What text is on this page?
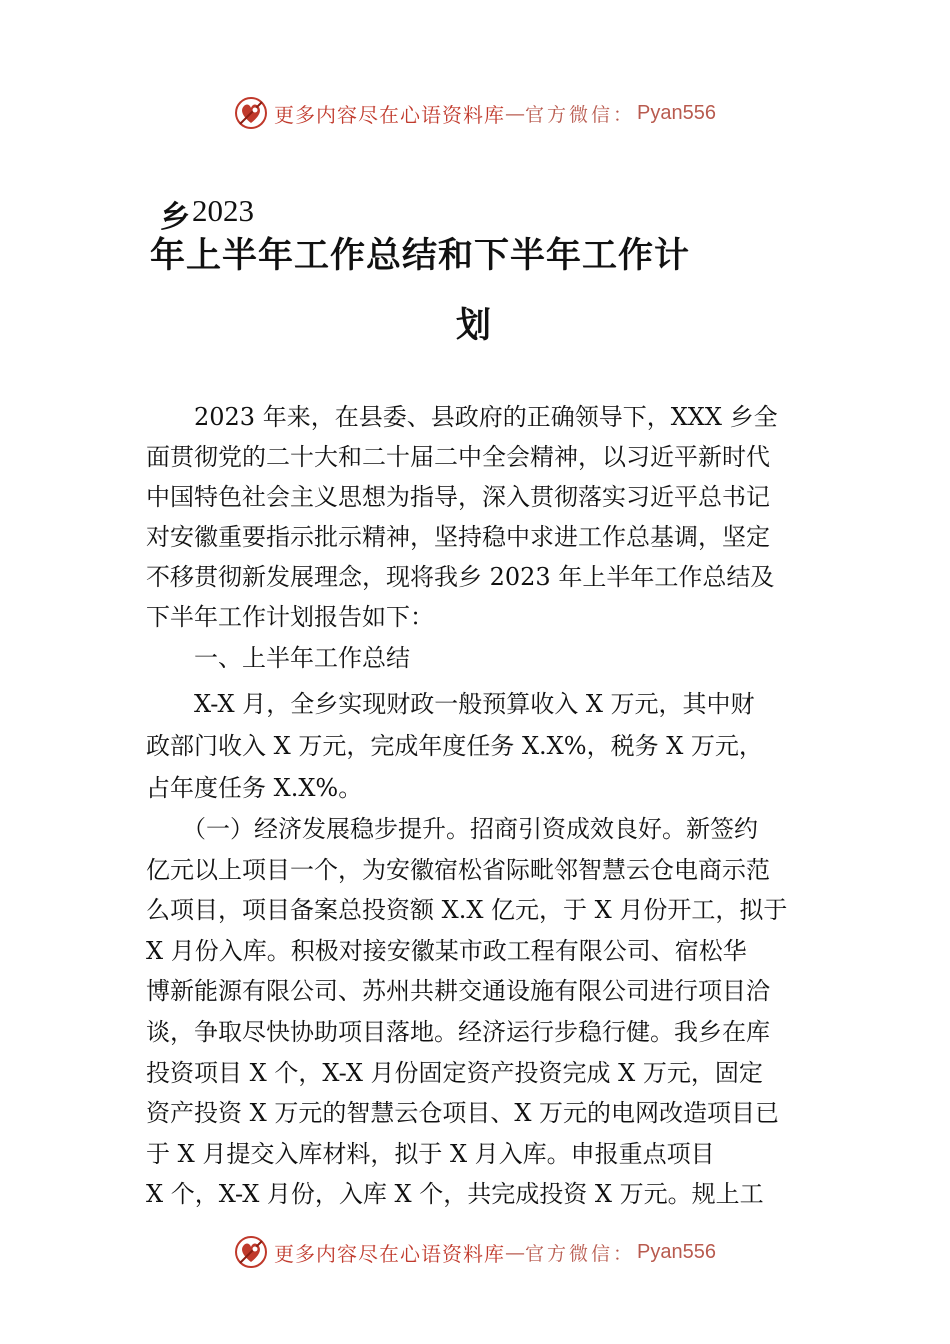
更多内容尽在心语资料库 — 官方微信： Pyan556
乡 2023
年上半年工作总结和下半年工作计
划
　　2023 年来，在县委、县政府的正确领导下，XXX 乡全
面贯彻党的二十大和二十届二中全会精神，以习近平新时代
中国特色社会主义思想为指导，深入贯彻落实习近平总书记
对安徽重要指示批示精神，坚持稳中求进工作总基调，坚定
不移贯彻新发展理念，现将我乡 2023 年上半年工作总结及
下半年工作计划报告如下：
　　一、上半年工作总结
　　X-X 月，全乡实现财政一般预算收入 X 万元，其中财
政部门收入 X 万元，完成年度任务 X.X%，税务 X 万元，
占年度任务 X.X%。
　　（一）经济发展稳步提升。招商引资成效良好。新签约
亿元以上项目一个，为安徽宿松省际毗邻智慧云仓电商示范
么项目，项目备案总投资额 X.X 亿元，于 X 月份开工，拟于
X 月份入库。积极对接安徽某市政工程有限公司、宿松华
博新能源有限公司、苏州共耕交通设施有限公司进行项目洽
谈，争取尽快协助项目落地。经济运行步稳行健。我乡在库
投资项目 X 个，X-X 月份固定资产投资完成 X 万元，固定
资产投资 X 万元的智慧云仓项目、X 万元的电网改造项目已
于 X 月提交入库材料，拟于 X 月入库。申报重点项目
X 个，X-X 月份，入库 X 个，共完成投资 X 万元。规上工
更多内容尽在心语资料库 — 官方微信： Pyan556
